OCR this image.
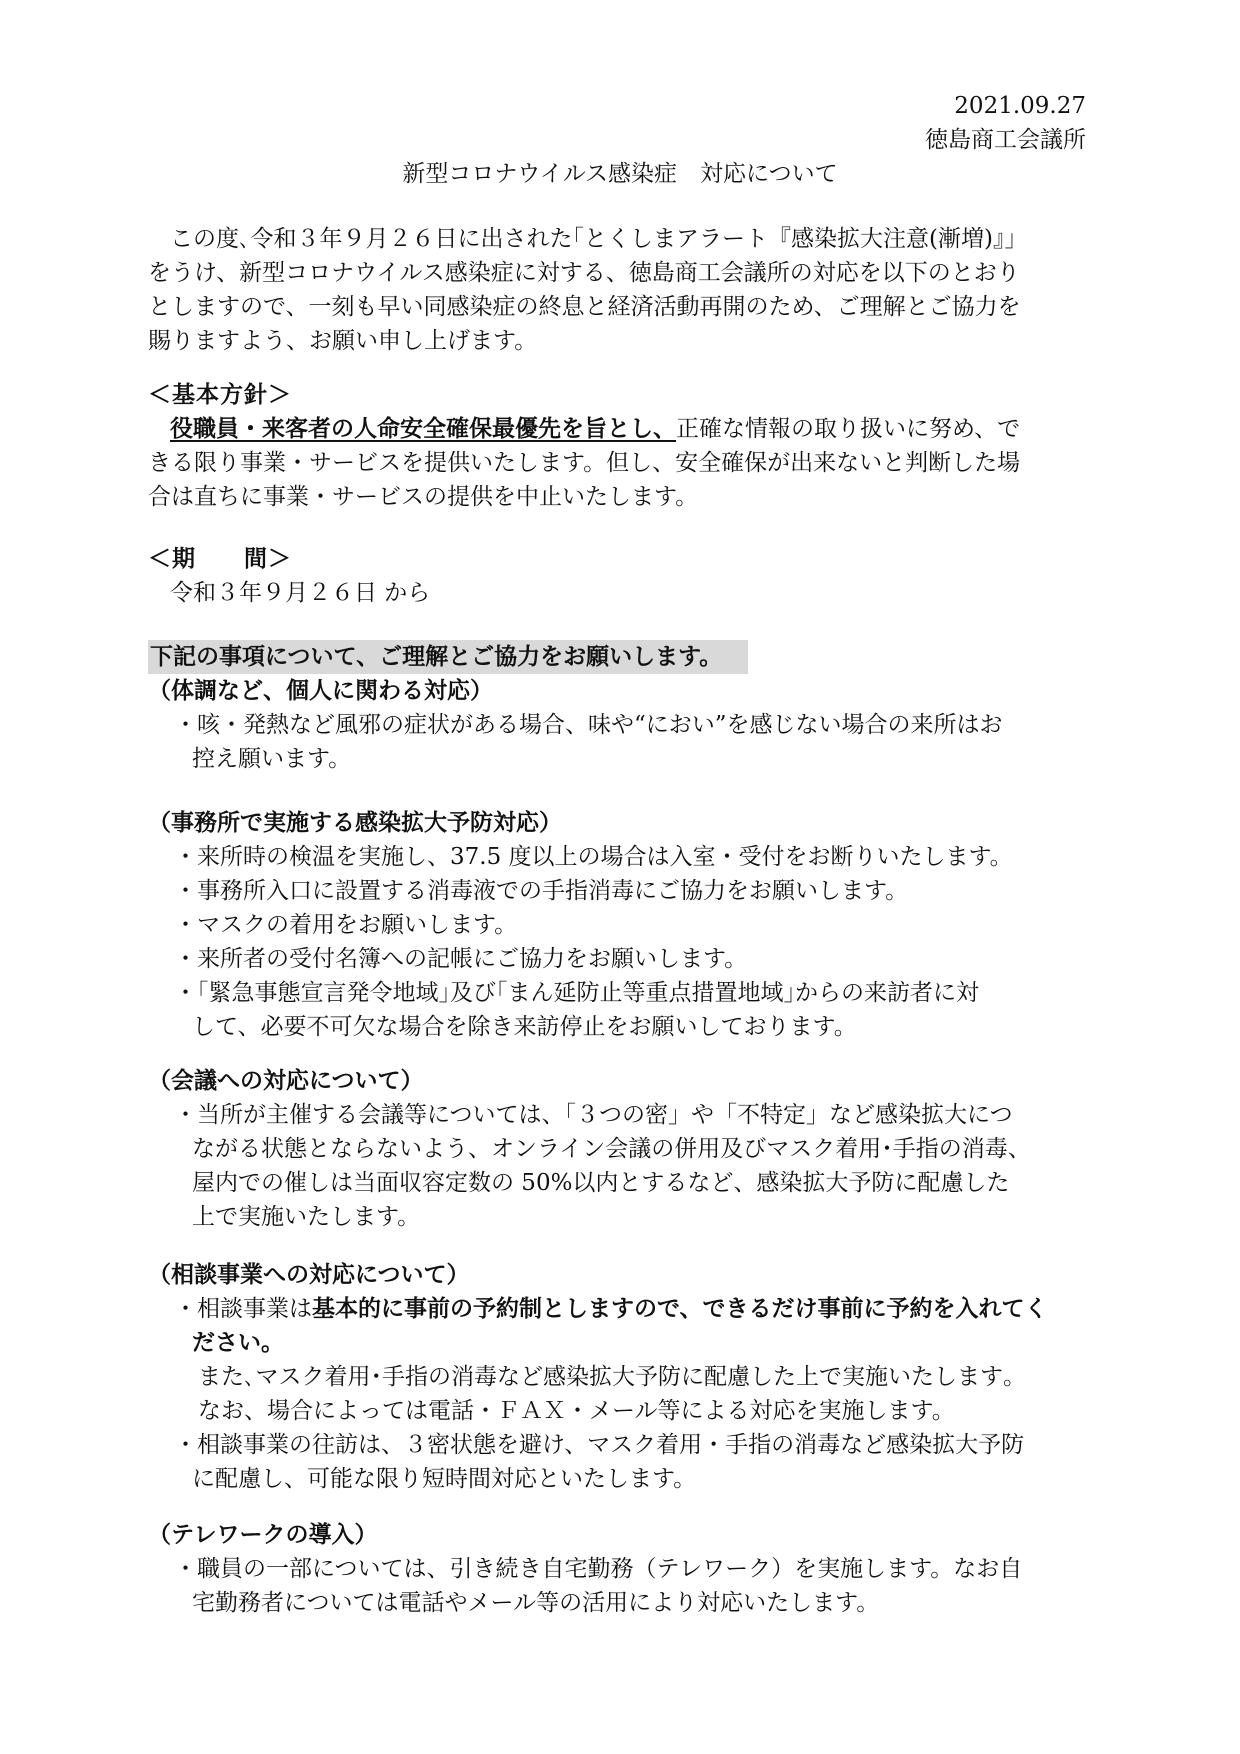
2021.09.27
徳島商工会議所
新型コロナウイルス感染症　対応について
この度､令和３年９月２６日に出された｢とくしまアラート『感染拡大注意(漸増)』｣
をうけ、新型コロナウイルス感染症に対する、徳島商工会議所の対応を以下のとおり
としますので、一刻も早い同感染症の終息と経済活動再開のため、ご理解とご協力を
賜りますよう、お願い申し上げます。
＜基本方針＞
役職員・来客者の人命安全確保最優先を旨とし、正確な情報の取り扱いに努め、で
きる限り事業・サービスを提供いたします。但し、安全確保が出来ないと判断した場
合は直ちに事業・サービスの提供を中止いたします。
＜期　　間＞
令和３年９月２６日 から
下記の事項について、ご理解とご協力をお願いします。
（体調など、個人に関わる対応）
・咳・発熱など風邪の症状がある場合、味や“におい”を感じない場合の来所はお
控え願います。
（事務所で実施する感染拡大予防対応）
・来所時の検温を実施し、37.5 度以上の場合は入室・受付をお断りいたします。
・事務所入口に設置する消毒液での手指消毒にご協力をお願いします。
・マスクの着用をお願いします。
・来所者の受付名簿への記帳にご協力をお願いします。
・｢緊急事態宣言発令地域｣及び｢まん延防止等重点措置地域｣からの来訪者に対
して、必要不可欠な場合を除き来訪停止をお願いしております。
（会議への対応について）
・当所が主催する会議等については、「３つの密」や「不特定」など感染拡大につ
ながる状態とならないよう、オンライン会議の併用及びマスク着用･手指の消毒、
屋内での催しは当面収容定数の 50%以内とするなど、感染拡大予防に配慮した
上で実施いたします。
（相談事業への対応について）
・相談事業は基本的に事前の予約制としますので、できるだけ事前に予約を入れてく
ださい。
また､マスク着用･手指の消毒など感染拡大予防に配慮した上で実施いたします｡
なお、場合によっては電話・ＦＡＸ・メール等による対応を実施します。
・相談事業の往訪は、３密状態を避け、マスク着用・手指の消毒など感染拡大予防
に配慮し、可能な限り短時間対応といたします。
（テレワークの導入）
・職員の一部については、引き続き自宅勤務（テレワーク）を実施します。なお自
宅勤務者については電話やメール等の活用により対応いたします。
